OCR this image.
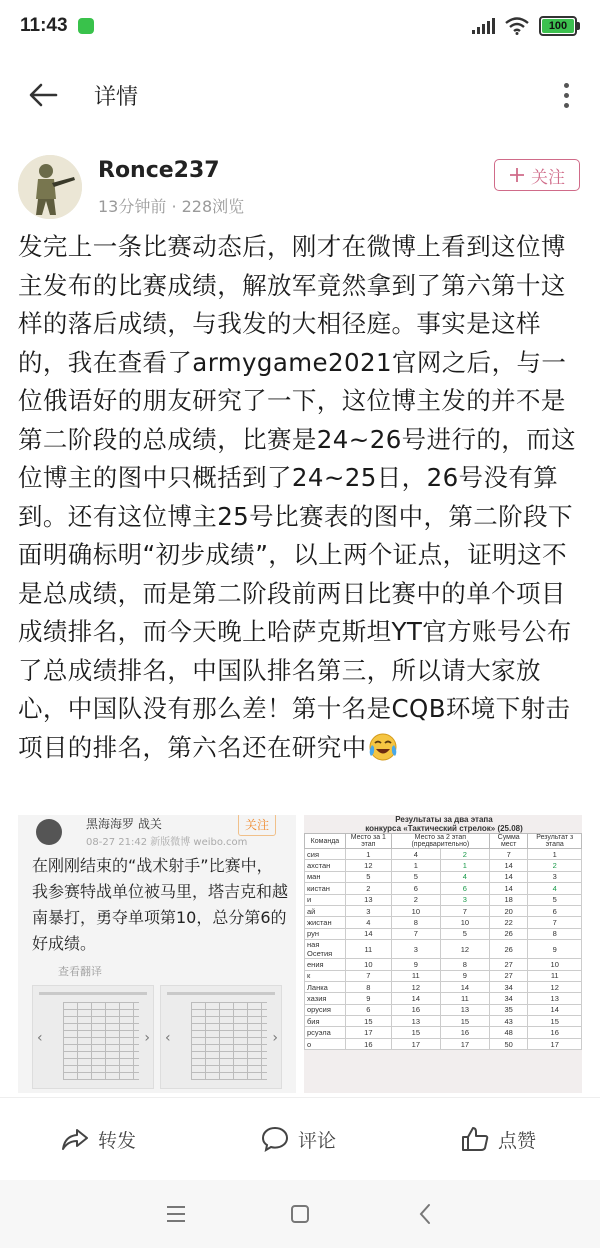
11:43	100
详情
Ronce237
13分钟前 · 228浏览
关注
发完上一条比赛动态后，刚才在微博上看到这位博主发布的比赛成绩，解放军竟然拿到了第六第十这样的落后成绩，与我发的大相径庭。事实是这样的，我在查看了armygame2021官网之后，与一位俄语好的朋友研究了一下，这位博主发的并不是第二阶段的总成绩，比赛是24~26号进行的，而这位博主的图中只概括到了24~25日，26号没有算到。还有这位博主25号比赛表的图中，第二阶段下面明确标明“初步成绩”，以上两个证点，证明这不是总成绩，而是第二阶段前两日比赛中的单个项目成绩排名，而今天晚上哈萨克斯坦YT官方账号公布了总成绩排名，中国队排名第三，所以请大家放心，中国队没有那么差！第十名是CQB环境下射击项目的排名，第六名还在研究中
黑海海罗 战关
08-27 21:42 新版微博 weibo.com
关注
在刚刚结束的“战术射手”比赛中，我参赛特战单位被马里，塔吉克和越南暴打，勇夺单项第10，总分第6的好成绩。
查看翻译
‹	› ‹	›
Результаты за два этапа
конкурса «Тактический стрелок» (25.08)
Команда	Место за 1 этап	Место за 2 этап (предварительно)		Сумма мест	Результат з этапа
сия	1	4	2	7	1
ахстан	12	1	1	14	2
ман	5	5	4	14	3
кистан	2	6	6	14	4
и	13	2	3	18	5
ай	3	10	7	20	6
жистан	4	8	10	22	7
рун	14	7	5	26	8
ная Осетия	11	3	12	26	9
ения	10	9	8	27	10
к	7	11	9	27	11
Ланка	8	12	14	34	12
хазия	9	14	11	34	13
орусия	6	16	13	35	14
бия	15	13	15	43	15
рсуэла	17	15	16	48	16
о	16	17	17	50	17
转发	评论	点赞
